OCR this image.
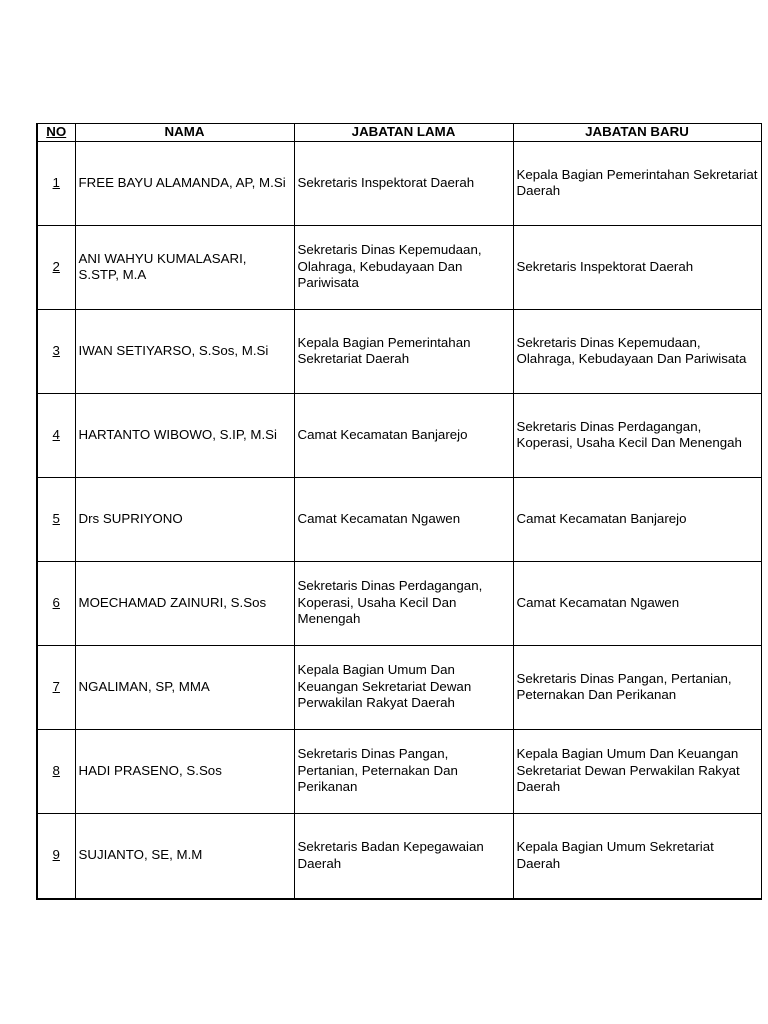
NO	NAMA	JABATAN LAMA	JABATAN BARU
1	FREE BAYU ALAMANDA, AP, M.Si	Sekretaris Inspektorat Daerah	Kepala Bagian Pemerintahan Sekretariat Daerah
2	ANI WAHYU KUMALASARI, S.STP, M.A	Sekretaris Dinas Kepemudaan, Olahraga, Kebudayaan Dan Pariwisata	Sekretaris Inspektorat Daerah
3	IWAN SETIYARSO, S.Sos, M.Si	Kepala Bagian Pemerintahan Sekretariat Daerah	Sekretaris Dinas Kepemudaan, Olahraga, Kebudayaan Dan Pariwisata
4	HARTANTO WIBOWO, S.IP, M.Si	Camat Kecamatan Banjarejo	Sekretaris Dinas Perdagangan, Koperasi, Usaha Kecil Dan Menengah
5	Drs SUPRIYONO	Camat Kecamatan Ngawen	Camat Kecamatan Banjarejo
6	MOECHAMAD ZAINURI, S.Sos	Sekretaris Dinas Perdagangan, Koperasi, Usaha Kecil Dan Menengah	Camat Kecamatan Ngawen
7	NGALIMAN, SP, MMA	Kepala Bagian Umum Dan Keuangan Sekretariat Dewan Perwakilan Rakyat Daerah	Sekretaris Dinas Pangan, Pertanian, Peternakan Dan Perikanan
8	HADI PRASENO, S.Sos	Sekretaris Dinas Pangan, Pertanian, Peternakan Dan Perikanan	Kepala Bagian Umum Dan Keuangan Sekretariat Dewan Perwakilan Rakyat Daerah
9	SUJIANTO, SE, M.M	Sekretaris Badan Kepegawaian Daerah	Kepala Bagian Umum Sekretariat Daerah
